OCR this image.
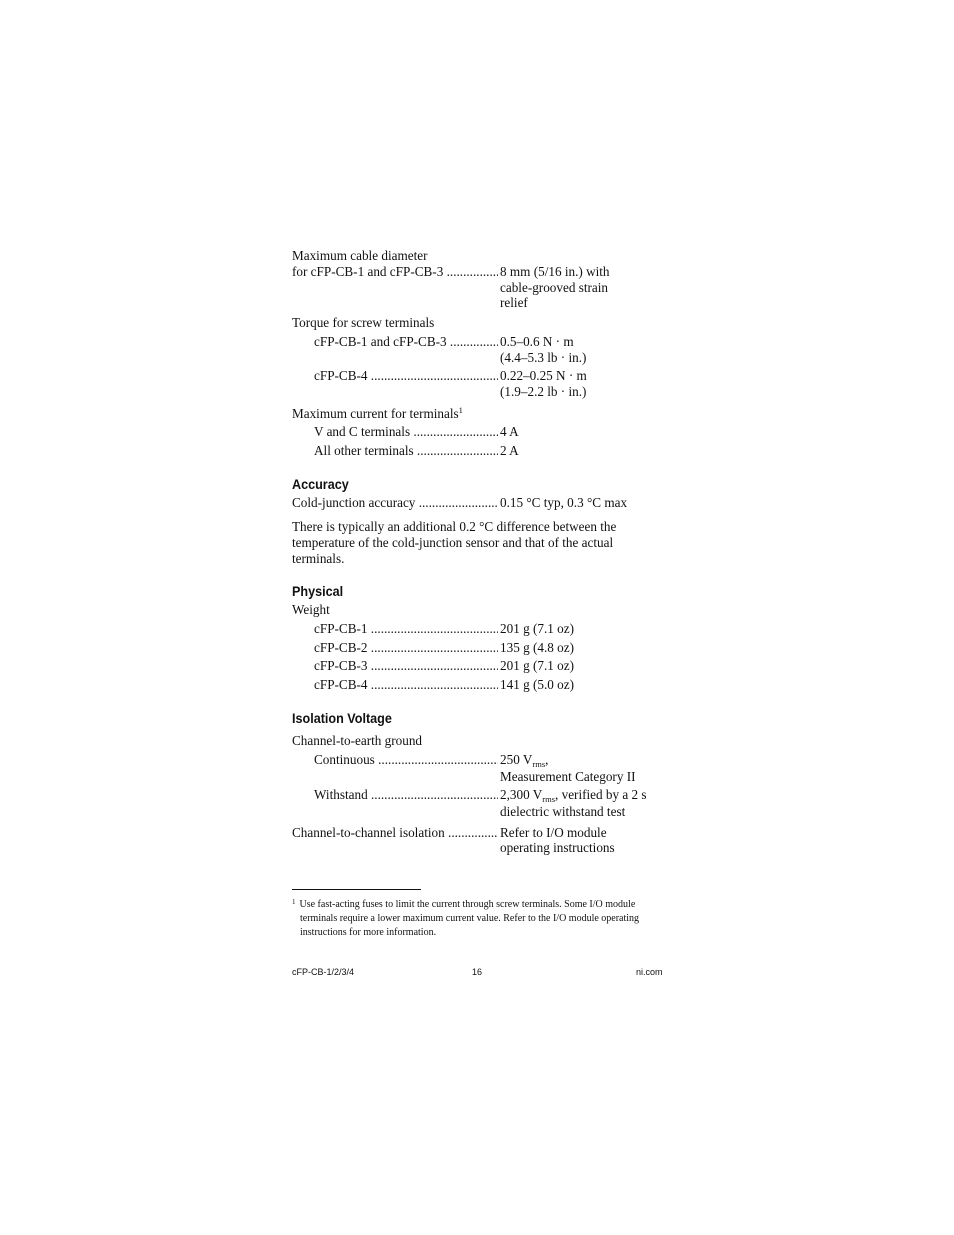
Maximum cable diameter
for cFP-CB-1 and cFP-CB-3 .....	8 mm (5/16 in.) with
cable-grooved strain
relief
Torque for screw terminals
cFP-CB-1 and cFP-CB-3 .....	0.5–0.6 N · m
(4.4–5.3 lb · in.)
cFP-CB-4 .....	0.22–0.25 N · m
(1.9–2.2 lb · in.)
Maximum current for terminals$^1$
V and C terminals .....	4 A
All other terminals .....	2 A
Accuracy
Cold-junction accuracy .....	0.15 °C typ, 0.3 °C max
There is typically an additional 0.2 °C difference between the
temperature of the cold-junction sensor and that of the actual
terminals.
Physical
Weight
cFP-CB-1 .....	201 g (7.1 oz)
cFP-CB-2 .....	135 g (4.8 oz)
cFP-CB-3 .....	201 g (7.1 oz)
cFP-CB-4 .....	141 g (5.0 oz)
Isolation Voltage
Channel-to-earth ground
Continuous .....	250 $V_{rms}$,
Measurement Category II
Withstand .....	2,300 $V_{rms}$, verified by a 2 s
dielectric withstand test
Channel-to-channel isolation .....	Refer to I/O module
operating instructions
$^1$ Use fast-acting fuses to limit the current through screw terminals. Some I/O module
terminals require a lower maximum current value. Refer to the I/O module operating
instructions for more information.
cFP-CB-1/2/3/4	16	ni.com
